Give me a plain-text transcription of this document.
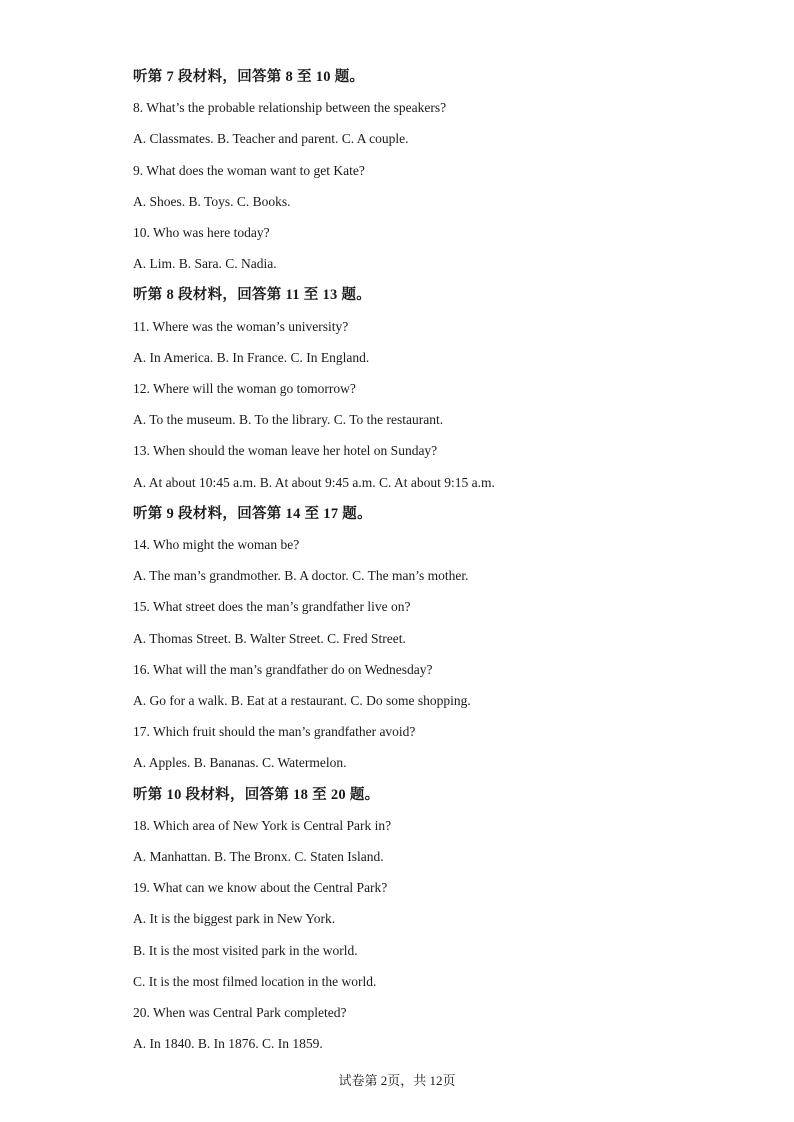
听第 7 段材料，回答第 8 至 10 题。
8. What’s the probable relationship between the speakers?
A. Classmates. B. Teacher and parent. C. A couple.
9. What does the woman want to get Kate?
A. Shoes. B. Toys. C. Books.
10. Who was here today?
A. Lim. B. Sara. C. Nadia.
听第 8 段材料，回答第 11 至 13 题。
11. Where was the woman’s university?
A. In America. B. In France. C. In England.
12. Where will the woman go tomorrow?
A. To the museum. B. To the library. C. To the restaurant.
13. When should the woman leave her hotel on Sunday?
A. At about 10:45 a.m. B. At about 9:45 a.m. C. At about 9:15 a.m.
听第 9 段材料，回答第 14 至 17 题。
14. Who might the woman be?
A. The man’s grandmother. B. A doctor. C. The man’s mother.
15. What street does the man’s grandfather live on?
A. Thomas Street. B. Walter Street. C. Fred Street.
16. What will the man’s grandfather do on Wednesday?
A. Go for a walk. B. Eat at a restaurant. C. Do some shopping.
17. Which fruit should the man’s grandfather avoid?
A. Apples. B. Bananas. C. Watermelon.
听第 10 段材料，回答第 18 至 20 题。
18. Which area of New York is Central Park in?
A. Manhattan. B. The Bronx. C. Staten Island.
19. What can we know about the Central Park?
A. It is the biggest park in New York.
B. It is the most visited park in the world.
C. It is the most filmed location in the world.
20. When was Central Park completed?
A. In 1840. B. In 1876. C. In 1859.
试卷第 2页，共 12页
